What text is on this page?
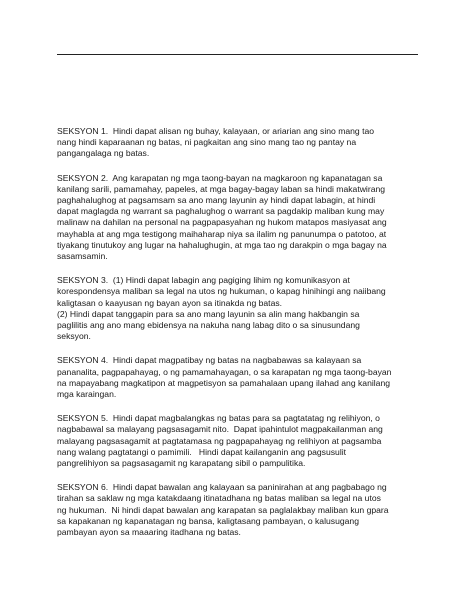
SEKSYON 1.  Hindi dapat alisan ng buhay, kalayaan, or ariarian ang sino mang tao
nang hindi kaparaanan ng batas, ni pagkaitan ang sino mang tao ng pantay na
pangangalaga ng batas.

SEKSYON 2.  Ang karapatan ng mga taong-bayan na magkaroon ng kapanatagan sa
kanilang sarili, pamamahay, papeles, at mga bagay-bagay laban sa hindi makatwirang
paghahalughog at pagsamsam sa ano mang layunin ay hindi dapat labagin, at hindi
dapat maglagda ng warrant sa paghalughog o warrant sa pagdakip maliban kung may
malinaw na dahilan na personal na pagpapasyahan ng hukom matapos masiyasat ang
mayhabla at ang mga testigong maihaharap niya sa ilalim ng panunumpa o patotoo, at
tiyakang tinutukoy ang lugar na hahalughugin, at mga tao ng darakpin o mga bagay na
sasamsamin.

SEKSYON 3.  (1) Hindi dapat labagin ang pagiging lihim ng komunikasyon at
korespondensya maliban sa legal na utos ng hukuman, o kapag hinihingi ang naiibang
kaligtasan o kaayusan ng bayan ayon sa itinakda ng batas.

(2) Hindi dapat tanggapin para sa ano mang layunin sa alin mang hakbangin sa
paglilitis ang ano mang ebidensya na nakuha nang labag dito o sa sinusundang
seksyon.

SEKSYON 4.  Hindi dapat magpatibay ng batas na nagbabawas sa kalayaan sa
pananalita, pagpapahayag, o ng pamamahayagan, o sa karapatan ng mga taong-bayan
na mapayabang magkatipon at magpetisyon sa pamahalaan upang ilahad ang kanilang
mga karaingan.

SEKSYON 5.  Hindi dapat magbalangkas ng batas para sa pagtatatag ng relihiyon, o
nagbabawal sa malayang pagsasagamit nito.  Dapat ipahintulot magpakailanman ang
malayang pagsasagamit at pagtatamasa ng pagpapahayag ng relihiyon at pagsamba
nang walang pagtatangi o pamimili.   Hindi dapat kailanganin ang pagsusulit
pangrelihiyon sa pagsasagamit ng karapatang sibil o pampulitika.

SEKSYON 6.  Hindi dapat bawalan ang kalayaan sa paninirahan at ang pagbabago ng
tirahan sa saklaw ng mga katakdaang itinatadhana ng batas maliban sa legal na utos
ng hukuman.  Ni hindi dapat bawalan ang karapatan sa paglalakbay maliban kun gpara
sa kapakanan ng kapanatagan ng bansa, kaligtasang pambayan, o kalusugang
pambayan ayon sa maaaring itadhana ng batas.
